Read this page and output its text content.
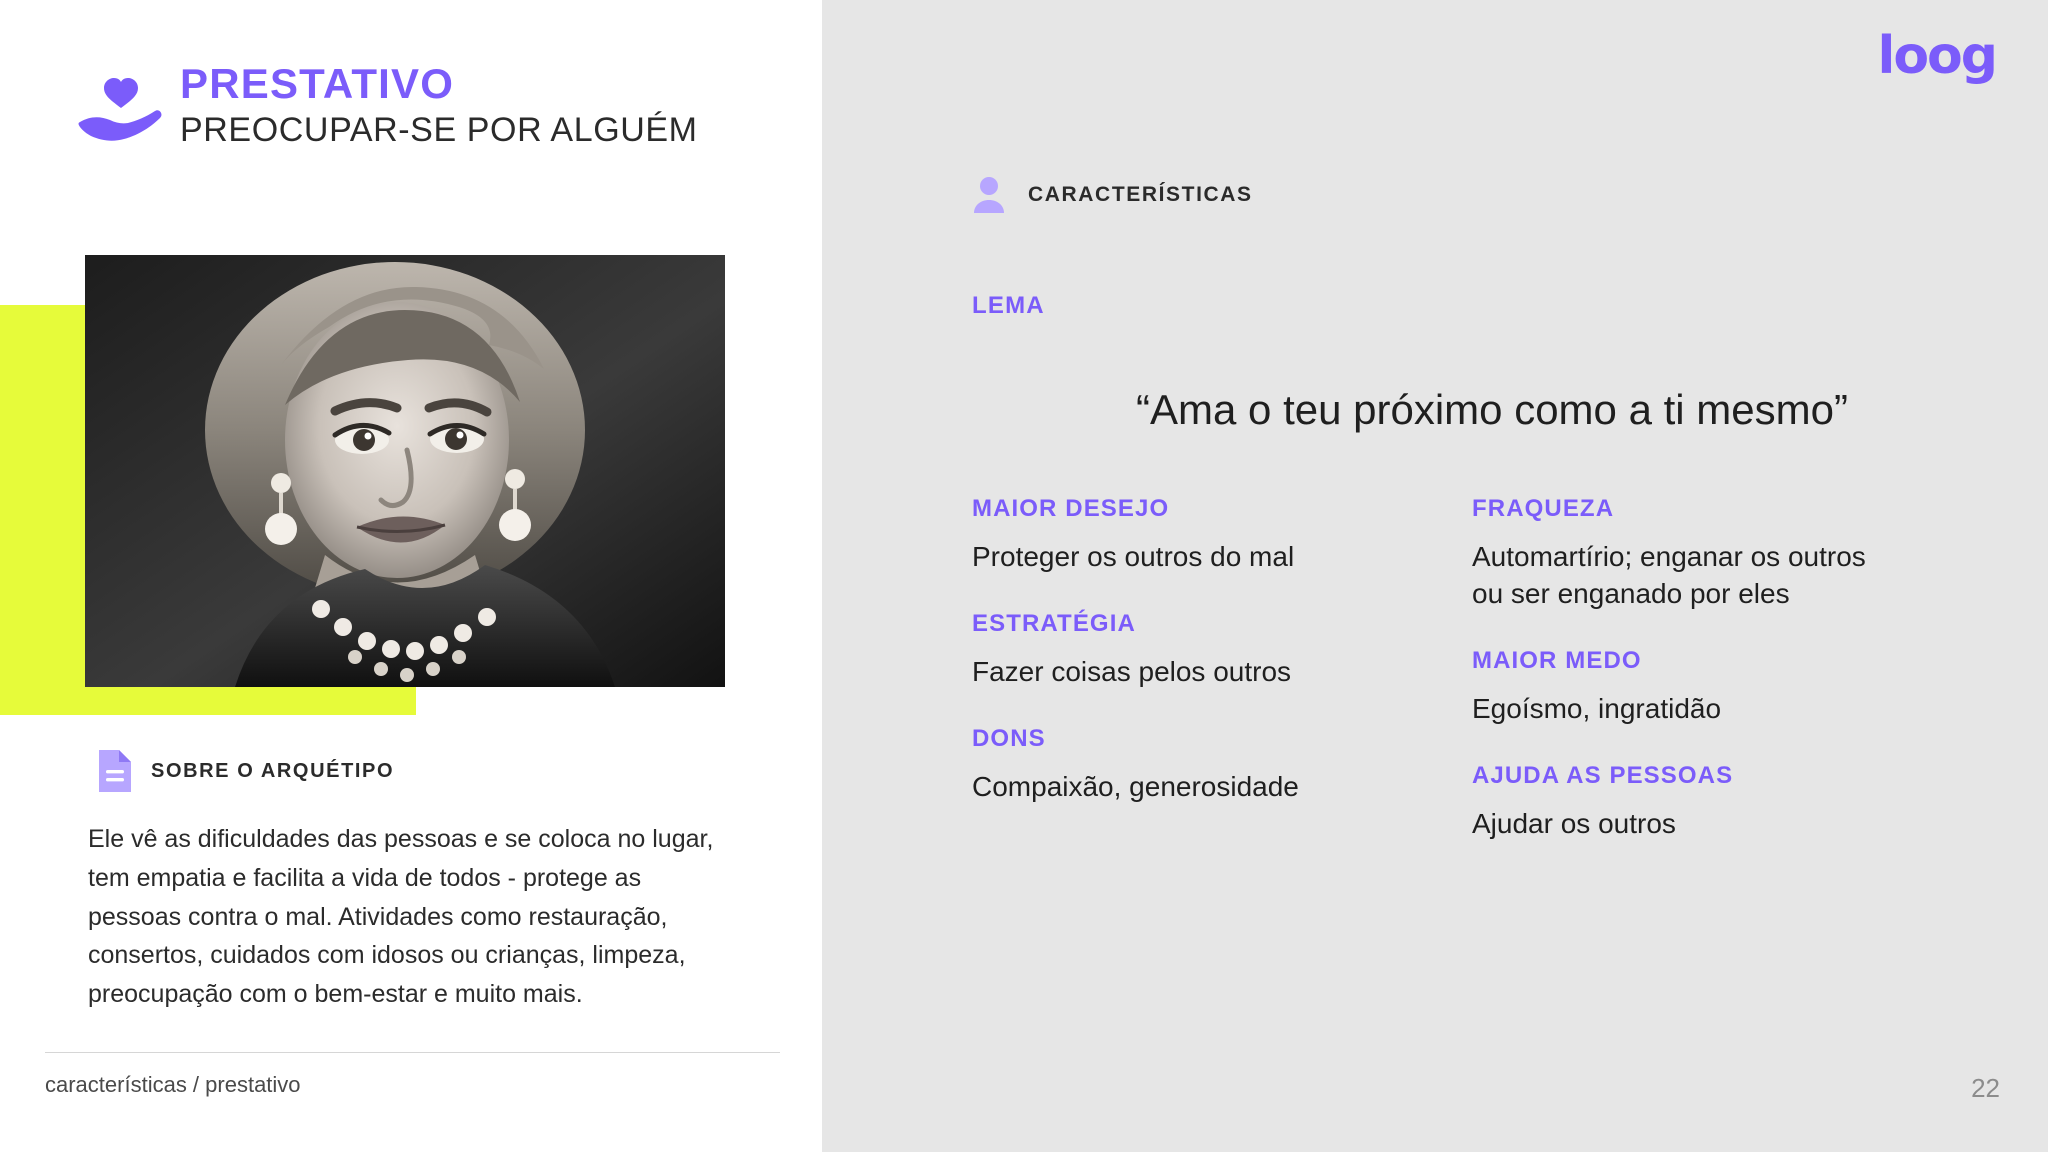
PRESTATIVO
PREOCUPAR-SE POR ALGUÉM
SOBRE O ARQUÉTIPO
Ele vê as dificuldades das pessoas e se coloca no lugar, tem empatia e facilita a vida de todos - protege as pessoas contra o mal. Atividades como restauração, consertos, cuidados com idosos ou crianças, limpeza, preocupação com o bem-estar e muito mais.
características / prestativo
loog
CARACTERÍSTICAS
LEMA
“Ama o teu próximo como a ti mesmo”
MAIOR DESEJO
Proteger os outros do mal
ESTRATÉGIA
Fazer coisas pelos outros
DONS
Compaixão, generosidade
FRAQUEZA
Automartírio; enganar os outros ou ser enganado por eles
MAIOR MEDO
Egoísmo, ingratidão
AJUDA AS PESSOAS
Ajudar os outros
22
